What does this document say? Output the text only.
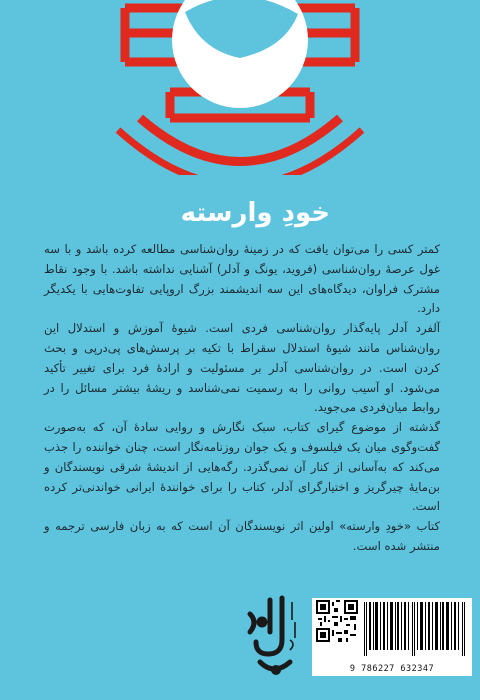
خودِ وارسته

کمتر کسی را می‌توان یافت که در زمینهٔ روان‌شناسی مطالعه کرده باشد و با سه غول عرصهٔ روان‌شناسی (فروید، یونگ و آدلر) آشنایی نداشته باشد. با وجود نقاط مشترک فراوان، دیدگاه‌های این سه اندیشمند بزرگ اروپایی تفاوت‌هایی با یکدیگر دارد.

آلفرد آدلر پایه‌گذار روان‌شناسی فردی است. شیوهٔ آموزش و استدلال این روان‌شناس مانند شیوهٔ استدلال سقراط با تکیه بر پرسش‌های پی‌درپی و بحث کردن است. در روان‌شناسی آدلر بر مسئولیت و ارادهٔ فرد برای تغییر تأکید می‌شود. او آسیب روانی را به رسمیت نمی‌شناسد و ریشهٔ بیشتر مسائل را در روابط میان‌فردی می‌جوید.

گذشته از موضوع گیرای کتاب، سبک نگارش و روایی سادهٔ آن، که به‌صورت گفت‌وگوی میان یک فیلسوف و یک جوان روزنامه‌نگار است، چنان خواننده را جذب می‌کند که به‌آسانی از کنار آن نمی‌گذرد. رگه‌هایی از اندیشهٔ شرقی نویسندگان و بن‌مایهٔ چیرگریز و اختیارگرای آدلر، کتاب را برای خوانندهٔ ایرانی خواندنی‌تر کرده است.

کتاب «خودِ وارسته» اولین اثر نویسندگان آن است که به زبان فارسی ترجمه و منتشر شده است.

9 786227 632347
